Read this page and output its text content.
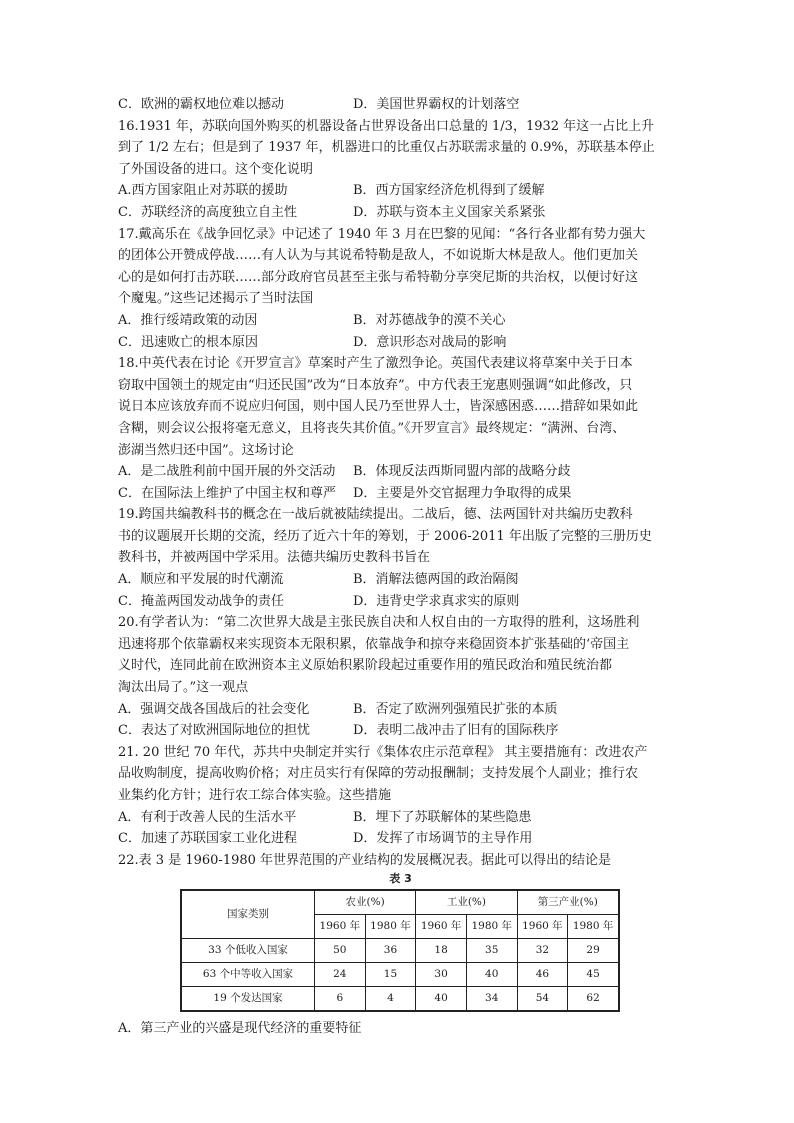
C．欧洲的霸权地位难以撼动	D．美国世界霸权的计划落空
16.1931 年，苏联向国外购买的机器设备占世界设备出口总量的 1/3，1932 年这一占比上升
到了 1/2 左右；但是到了 1937 年，机器进口的比重仅占苏联需求量的 0.9%，苏联基本停止
了外国设备的进口。这个变化说明
A.西方国家阻止对苏联的援助	B．西方国家经济危机得到了缓解
C．苏联经济的高度独立自主性	D．苏联与资本主义国家关系紧张
17.戴高乐在《战争回忆录》中记述了 1940 年 3 月在巴黎的见闻：“各行各业都有势力强大
的团体公开赞成停战……有人认为与其说希特勒是敌人，不如说斯大林是敌人。他们更加关
心的是如何打击苏联……部分政府官员甚至主张与希特勒分享突尼斯的共治权，以便讨好这
个魔鬼。”这些记述揭示了当时法国
A．推行绥靖政策的动因	B．对苏德战争的漠不关心
C．迅速败亡的根本原因	D．意识形态对战局的影响
18.中英代表在讨论《开罗宣言》草案时产生了激烈争论。英国代表建议将草案中关于日本
窃取中国领土的规定由“归还民国”改为“日本放弃”。中方代表王宠惠则强调“如此修改，只
说日本应该放弃而不说应归何国，则中国人民乃至世界人士，皆深感困惑……措辞如果如此
含糊，则会议公报将毫无意义，且将丧失其价值。”《开罗宣言》最终规定：“满洲、台湾、
澎湖当然归还中国”。这场讨论
A．是二战胜利前中国开展的外交活动	B．体现反法西斯同盟内部的战略分歧
C．在国际法上维护了中国主权和尊严	D．主要是外交官据理力争取得的成果
19.跨国共编教科书的概念在一战后就被陆续提出。二战后，德、法两国针对共编历史教科
书的议题展开长期的交流，经历了近六十年的筹划，于 2006-2011 年出版了完整的三册历史
教科书，并被两国中学采用。法德共编历史教科书旨在
A．顺应和平发展的时代潮流	B．消解法德两国的政治隔阂
C．掩盖两国发动战争的责任	D．违背史学求真求实的原则
20.有学者认为：“第二次世界大战是主张民族自决和人权自由的一方取得的胜利，这场胜利
迅速将那个依靠霸权来实现资本无限积累，依靠战争和掠夺来稳固资本扩张基础的‘帝国主
义时代，连同此前在欧洲资本主义原始积累阶段起过重要作用的殖民政治和殖民统治都
淘汰出局了。”这一观点
A．强调交战各国战后的社会变化	B．否定了欧洲列强殖民扩张的本质
C．表达了对欧洲国际地位的担忧	D．表明二战冲击了旧有的国际秩序
21. 20 世纪 70 年代，苏共中央制定并实行《集体农庄示范章程》 其主要措施有：改进农产
品收购制度，提高收购价格；对庄员实行有保障的劳动报酬制；支持发展个人副业；推行农
业集约化方针；进行农工综合体实验。这些措施
A．有利于改善人民的生活水平	B．埋下了苏联解体的某些隐患
C．加速了苏联国家工业化进程	D．发挥了市场调节的主导作用
22.表 3 是 1960-1980 年世界范围的产业结构的发展概况表。据此可以得出的结论是
表 3
国家类别	农业(%)		工业(%)		第三产业(%)	
	1960 年	1980 年	1960 年	1980 年	1960 年	1980 年
33 个低收入国家	50	36	18	35	32	29
63 个中等收入国家	24	15	30	40	46	45
19 个发达国家	6	4	40	34	54	62
A．第三产业的兴盛是现代经济的重要特征
